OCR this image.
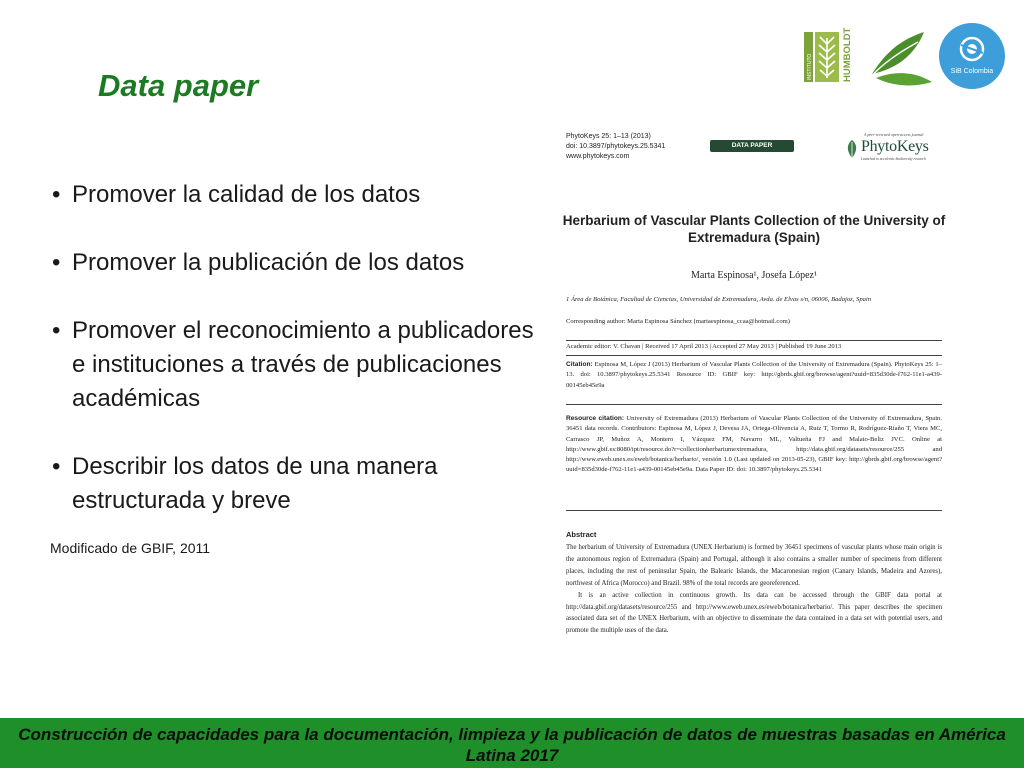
Data paper
INSTITUTO	HUMBOLDT	SiB Colombia
• Promover la calidad de los datos
• Promover la publicación de los datos
• Promover el reconocimiento a publicadores e instituciones a través de publicaciones académicas
• Describir los datos de una manera estructurada y breve
Modificado de GBIF, 2011
PhytoKeys 25: 1–13 (2013)
doi: 10.3897/phytokeys.25.5341
www.phytokeys.com
DATA PAPER
A peer-reviewed open-access journal
PhytoKeys
Launched to accelerate biodiversity research
Herbarium of Vascular Plants Collection of the University of Extremadura (Spain)
Marta Espinosa¹, Josefa López¹
1 Área de Botánica, Facultad de Ciencias, Universidad de Extremadura, Avda. de Elvas s/n, 06006, Badajoz, Spain
Corresponding author: Marta Espinosa Sánchez (martaespinosa_ccaa@hotmail.com)
Academic editor: V. Chavan | Received 17 April 2013 | Accepted 27 May 2013 | Published 19 June 2013
Citation: Espinosa M, López J (2013) Herbarium of Vascular Plants Collection of the University of Extremadura (Spain). PhytoKeys 25: 1–13. doi: 10.3897/phytokeys.25.5341 Resource ID: GBIF key: http://gbrds.gbif.org/browse/agent?uuid=835d30de-f762-11e1-a439-00145eb45e9a
Resource citation: University of Extremadura (2013) Herbarium of Vascular Plants Collection of the University of Extremadura, Spain. 36451 data records. Contributors: Espinosa M, López J, Devesa JA, Ortega-Olivencia A, Ruiz T, Tormo R, Rodríguez-Riaño T, Viera MC, Carrasco JP, Muñoz A, Montero I, Vázquez FM, Navarro ML, Valtueña FJ and Malato-Beliz JVC. Online at http://www.gbif.es:8080/ipt/resource.do?r=collectionherbariumextremadura, http://data.gbif.org/datasets/resource/255 and http://www.eweb.unex.es/eweb/botanica/herbario/, versión 1.0 (Last updated on 2013-05-23), GBIF key: http://gbrds.gbif.org/browse/agent?uuid=835d30de-f762-11e1-a439-00145eb45e9a. Data Paper ID: doi: 10.3897/phytokeys.25.5341
Abstract

The herbarium of University of Extremadura (UNEX Herbarium) is formed by 36451 specimens of vascular plants whose main origin is the autonomous region of Extremadura (Spain) and Portugal, although it also contains a smaller number of specimens from different places, including the rest of peninsular Spain, the Balearic Islands, the Macaronesian region (Canary Islands, Madeira and Azores), northwest of Africa (Morocco) and Brazil. 98% of the total records are georeferenced.

It is an active collection in continuous growth. Its data can be accessed through the GBIF data portal at http://data.gbif.org/datasets/resource/255 and http://www.eweb.unex.es/eweb/botanica/herbario/. This paper describes the specimen associated data set of the UNEX Herbarium, with an objective to disseminate the data contained in a data set with potential users, and promote the multiple uses of the data.

Construcción de capacidades para la documentación, limpieza y la publicación de datos de muestras basadas en América Latina 2017
